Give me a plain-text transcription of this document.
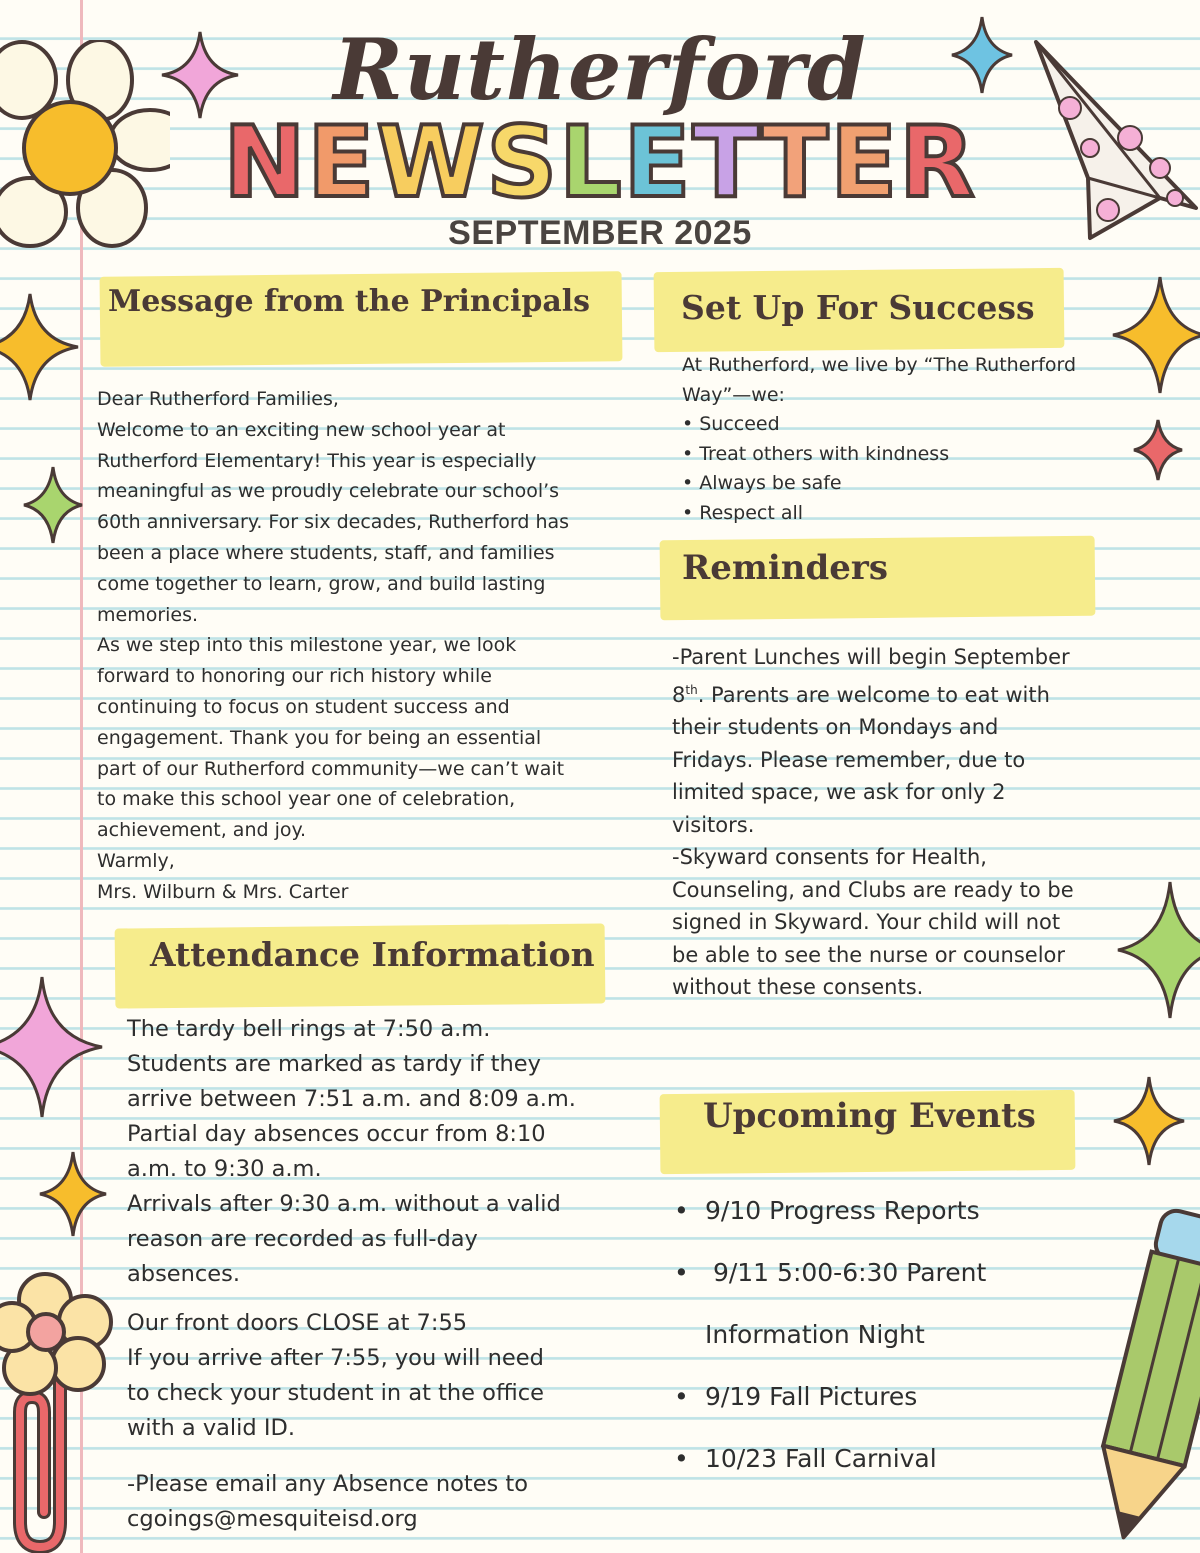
Rutherford
NEWSLETTER
SEPTEMBER 2025
Message from the Principals
Dear Rutherford Families,
Welcome to an exciting new school year at
Rutherford Elementary! This year is especially
meaningful as we proudly celebrate our school’s
60th anniversary. For six decades, Rutherford has
been a place where students, staff, and families
come together to learn, grow, and build lasting
memories.
As we step into this milestone year, we look
forward to honoring our rich history while
continuing to focus on student success and
engagement. Thank you for being an essential
part of our Rutherford community—we can’t wait
to make this school year one of celebration,
achievement, and joy.
Warmly,
Mrs. Wilburn & Mrs. Carter
Set Up For Success
At Rutherford, we live by “The Rutherford
Way”—we:
• Succeed
• Treat others with kindness
• Always be safe
• Respect all
Reminders
-Parent Lunches will begin September
8th. Parents are welcome to eat with
their students on Mondays and
Fridays. Please remember, due to
limited space, we ask for only 2
visitors.
-Skyward consents for Health,
Counseling, and Clubs are ready to be
signed in Skyward. Your child will not
be able to see the nurse or counselor
without these consents.
Attendance Information
The tardy bell rings at 7:50 a.m.
Students are marked as tardy if they
arrive between 7:51 a.m. and 8:09 a.m.
Partial day absences occur from 8:10
a.m. to 9:30 a.m.
Arrivals after 9:30 a.m. without a valid
reason are recorded as full-day
absences.
Our front doors CLOSE at 7:55
If you arrive after 7:55, you will need
to check your student in at the office
with a valid ID.
-Please email any Absence notes to
cgoings@mesquiteisd.org
Upcoming Events
• 9/10 Progress Reports
• 9/11 5:00-6:30 Parent
Information Night
• 9/19 Fall Pictures
• 10/23 Fall Carnival
